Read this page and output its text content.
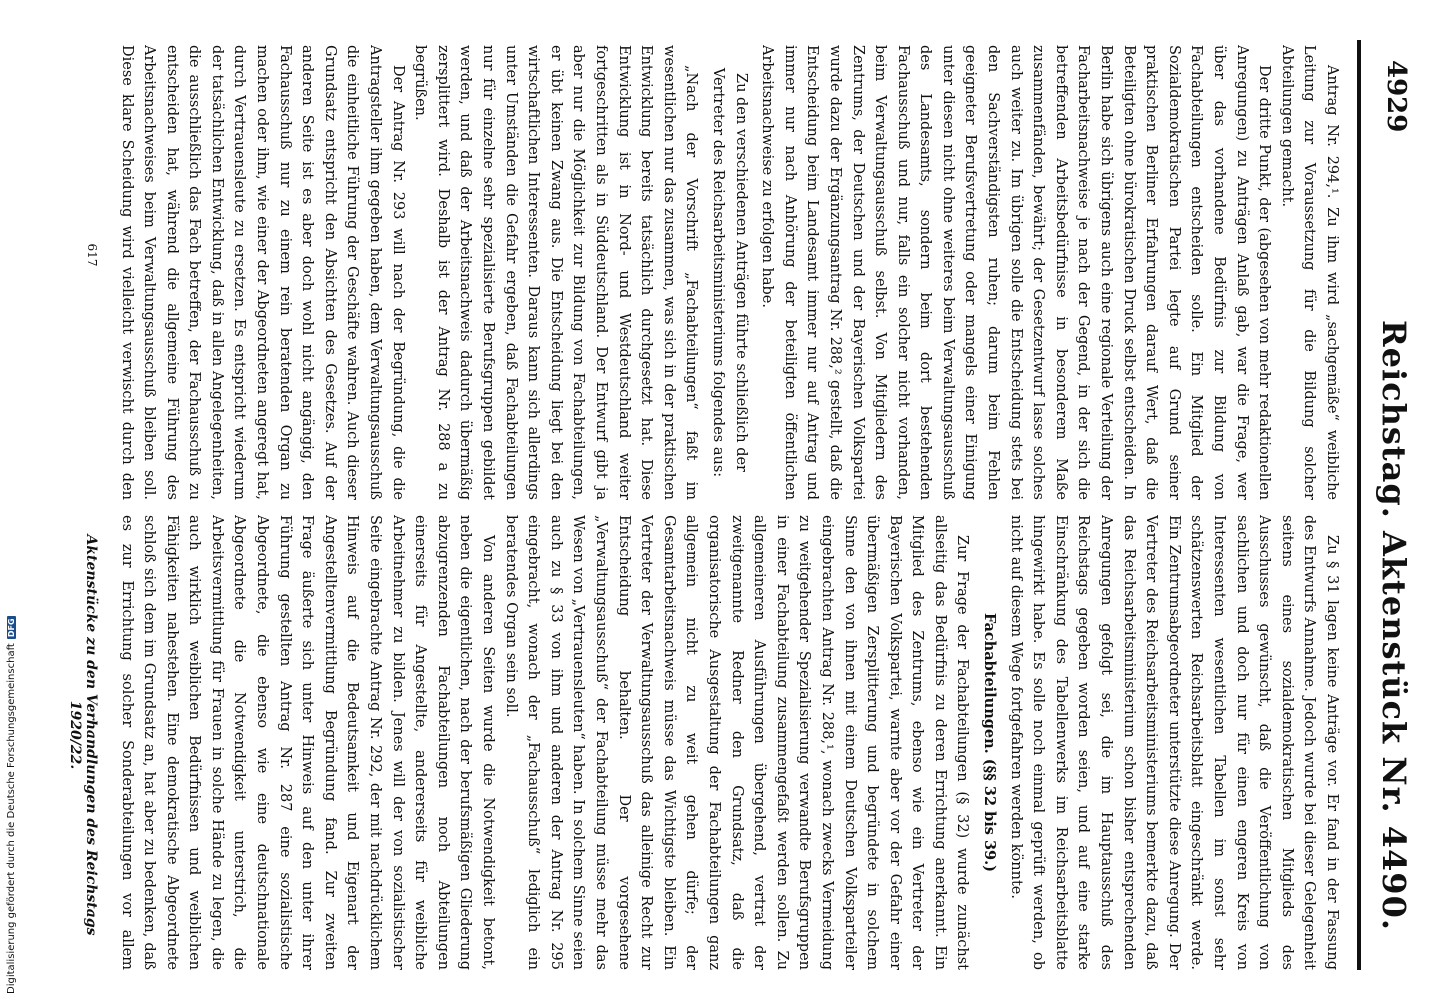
4929
Reichstag. Aktenstück Nr. 4490.

Antrag Nr. 294,¹. Zu ihm wird „sachgemäße“ weibliche Leitung zur Voraussetzung für die Bildung solcher Abteilungen gemacht.

Der dritte Punkt, der (abgesehen von mehr redaktionellen Anregungen) zu Anträgen Anlaß gab, war die Frage, wer über das vorhandene Bedürfnis zur Bildung von Fachabteilungen entscheiden solle. Ein Mitglied der Sozialdemokratischen Partei legte auf Grund seiner praktischen Berliner Erfahrungen darauf Wert, daß die Beteiligten ohne bürokratischen Druck selbst entscheiden. In Berlin habe sich übrigens auch eine regionale Verteilung der Facharbeitsnachweise je nach der Gegend, in der sich die betreffenden Arbeitsbedürfnisse in besonderem Maße zusammenfänden, bewährt; der Gesetzentwurf lasse solches auch weiter zu. Im übrigen solle die Entscheidung stets bei den Sachverständigsten ruhen; darum beim Fehlen geeigneter Berufsvertretung oder mangels einer Einigung unter diesen nicht ohne weiteres beim Verwaltungsausschuß des Landesamts, sondern beim dort bestehenden Fachausschuß und nur, falls ein solcher nicht vorhanden, beim Verwaltungsausschuß selbst. Von Mitgliedern des Zentrums, der Deutschen und der Bayerischen Volkspartei wurde dazu der Ergänzungsantrag Nr. 288,² gestellt, daß die Entscheidung beim Landesamt immer nur auf Antrag und immer nur nach Anhörung der beteiligten öffentlichen Arbeitsnachweise zu erfolgen habe.

Zu den verschiedenen Anträgen führte schließlich der Vertreter des Reichsarbeitsministeriums folgendes aus:

„Nach der Vorschrift „Fachabteilungen“ faßt im wesentlichen nur das zusammen, was sich in der praktischen Entwicklung bereits tatsächlich durchgesetzt hat. Diese Entwicklung ist in Nord- und Westdeutschland weiter fortgeschritten als in Süddeutschland. Der Entwurf gibt ja aber nur die Möglichkeit zur Bildung von Fachabteilungen, er übt keinen Zwang aus. Die Entscheidung liegt bei den wirtschaftlichen Interessenten. Daraus kann sich allerdings unter Umständen die Gefahr ergeben, daß Fachabteilungen nur für einzelne sehr spezialisierte Berufsgruppen gebildet werden, und daß der Arbeitsnachweis dadurch übermäßig zersplittert wird. Deshalb ist der Antrag Nr. 288 a zu begrüßen.

Der Antrag Nr. 293 will nach der Begründung, die die Antragsteller ihm gegeben haben, dem Verwaltungsausschuß die einheitliche Führung der Geschäfte wahren. Auch dieser Grundsatz entspricht den Absichten des Gesetzes. Auf der anderen Seite ist es aber doch wohl nicht angängig, den Fachausschuß nur zu einem rein beratenden Organ zu machen oder ihm, wie einer der Abgeordneten angeregt hat, durch Vertrauensleute zu ersetzen. Es entspricht wiederum der tatsächlichen Entwicklung, daß in allen Angelegenheiten, die ausschließlich das Fach betreffen, der Fachausschuß zu entscheiden hat, während die allgemeine Führung des Arbeitsnachweises beim Verwaltungsausschuß bleiben soll. Diese klare Scheidung wird vielleicht verwischt durch den

Zu § 31 lagen keine Anträge vor. Er fand in der Fassung des Entwurfs Annahme. Jedoch wurde bei dieser Gelegenheit seitens eines sozialdemokratischen Mitglieds des Ausschusses gewünscht, daß die Veröffentlichung von sachlichen und doch nur für einen engeren Kreis von Interessenten wesentlichen Tabellen im sonst sehr schätzenswerten Reichsarbeitsblatt eingeschränkt werde. Ein Zentrumsabgeordneter unterstützte diese Anregung. Der Vertreter des Reichsarbeitsministeriums bemerkte dazu, daß das Reichsarbeitsministerium schon bisher entsprechenden Anregungen gefolgt sei, die im Hauptausschuß des Reichstags gegeben worden seien, und auf eine starke Einschränkung des Tabellenwerks im Reichsarbeitsblatte hingewirkt habe. Es solle noch einmal geprüft werden, ob nicht auf diesem Wege fortgefahren werden könnte.

Fachabteilungen. (§§ 32 bis 39.)

Zur Frage der Fachabteilungen (§ 32) wurde zunächst allseitig das Bedürfnis zu deren Errichtung anerkannt. Ein Mitglied des Zentrums, ebenso wie ein Vertreter der Bayerischen Volkspartei, warnte aber vor der Gefahr einer übermäßigen Zersplitterung und begründete in solchem Sinne den von ihnen mit einem Deutschen Volksparteiler eingebrachten Antrag Nr. 288,¹, wonach zwecks Vermeidung zu weitgehender Spezialisierung verwandte Berufsgruppen in einer Fachabteilung zusammengefaßt werden sollen. Zu allgemeineren Ausführungen übergehend, vertrat der zweitgenannte Redner den Grundsatz, daß die organisatorische Ausgestaltung der Fachabteilungen ganz allgemein nicht zu weit gehen dürfe; der Gesamtarbeitsnachweis müsse das Wichtigste bleiben. Ein Vertreter der Verwaltungsausschuß das alleinige Recht zur Entscheidung behalten. Der vorgesehene „Verwaltungsausschuß“ der Fachabteilung müsse mehr das Wesen von „Vertrauensleuten“ haben. In solchem Sinne seien auch zu § 33 von ihm und anderen der Antrag Nr. 295 eingebracht, wonach der „Fachausschuß“ lediglich ein beratendes Organ sein soll.

Von anderen Seiten wurde die Notwendigkeit betont, neben die eigentlichen, nach der berufsmäßigen Gliederung abzugrenzenden Fachabteilungen noch Abteilungen einerseits für Angestellte, andererseits für weibliche Arbeitnehmer zu bilden. Jenes will der von sozialistischer Seite eingebrachte Antrag Nr. 292, der mit nachdrücklichem Hinweis auf die Bedeutsamkeit und Eigenart der Angestelltenvermittlung Begründung fand. Zur zweiten Frage äußerte sich unter Hinweis auf den unter ihrer Führung gestellten Antrag Nr. 287 eine sozialistische Abgeordnete, die ebenso wie eine deutschnationale Abgeordnete die Notwendigkeit unterstrich, die Arbeitsvermittlung für Frauen in solche Hände zu legen, die auch wirklich weiblichen Bedürfnissen und weiblichen Fähigkeiten nahestehen. Eine demokratische Abgeordnete schloß sich dem im Grundsatz an, hat aber zu bedenken, daß es zur Errichtung solcher Sonderabteilungen vor allem

617
Aktenstücke zu den Verhandlungen des Reichstags 1920/22.
Digitalisierung gefördert durch die Deutsche Forschungsgemeinschaft
DFG
